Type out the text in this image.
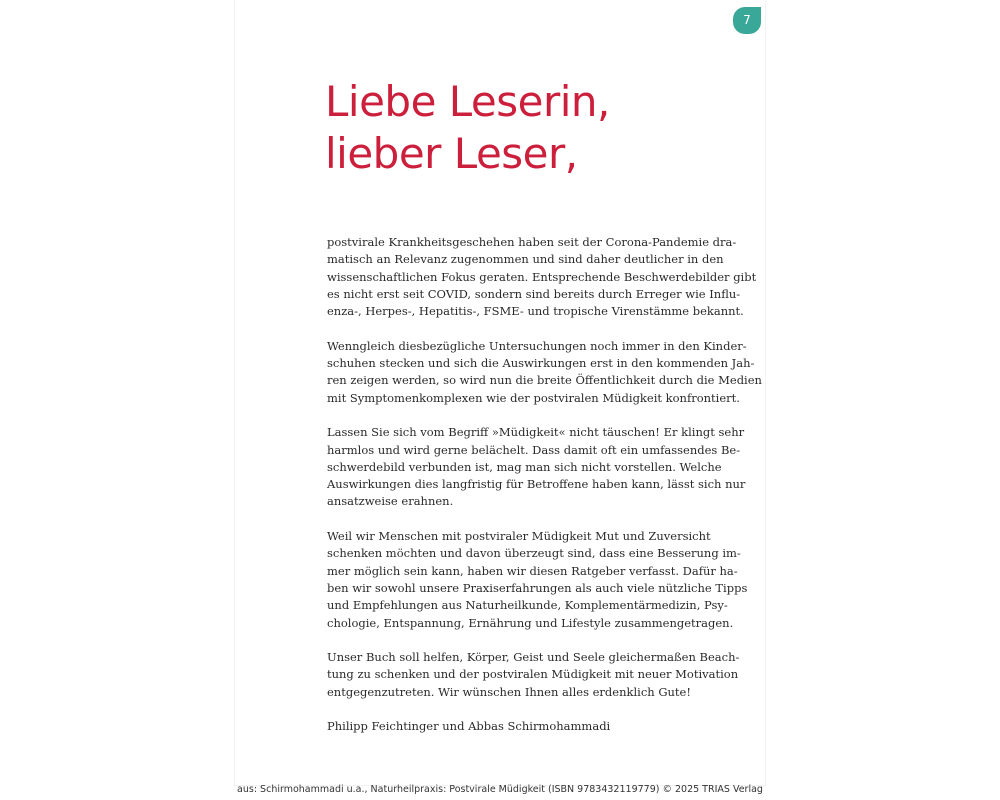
7
Liebe Leserin,
lieber Leser,

postvirale Krankheitsgeschehen haben seit der Corona-Pandemie dra-
matisch an Relevanz zugenommen und sind daher deutlicher in den
wissenschaftlichen Fokus geraten. Entsprechende Beschwerdebilder gibt
es nicht erst seit COVID, sondern sind bereits durch Erreger wie Influ-
enza-, Herpes-, Hepatitis-, FSME- und tropische Virenstämme bekannt.

Wenngleich diesbezügliche Untersuchungen noch immer in den Kinder-
schuhen stecken und sich die Auswirkungen erst in den kommenden Jah-
ren zeigen werden, so wird nun die breite Öffentlichkeit durch die Medien
mit Symptomenkomplexen wie der postviralen Müdigkeit konfrontiert.

Lassen Sie sich vom Begriff »Müdigkeit« nicht täuschen! Er klingt sehr
harmlos und wird gerne belächelt. Dass damit oft ein umfassendes Be-
schwerdebild verbunden ist, mag man sich nicht vorstellen. Welche
Auswirkungen dies langfristig für Betroffene haben kann, lässt sich nur
ansatzweise erahnen.

Weil wir Menschen mit postviraler Müdigkeit Mut und Zuversicht
schenken möchten und davon überzeugt sind, dass eine Besserung im-
mer möglich sein kann, haben wir diesen Ratgeber verfasst. Dafür ha-
ben wir sowohl unsere Praxiserfahrungen als auch viele nützliche Tipps
und Empfehlungen aus Naturheilkunde, Komplementärmedizin, Psy-
chologie, Entspannung, Ernährung und Lifestyle zusammengetragen.

Unser Buch soll helfen, Körper, Geist und Seele gleichermaßen Beach-
tung zu schenken und der postviralen Müdigkeit mit neuer Motivation
entgegenzutreten. Wir wünschen Ihnen alles erdenklich Gute!

Philipp Feichtinger und Abbas Schirmohammadi

aus: Schirmohammadi u.a., Naturheilpraxis: Postvirale Müdigkeit (ISBN 9783432119779) © 2025 TRIAS Verlag
